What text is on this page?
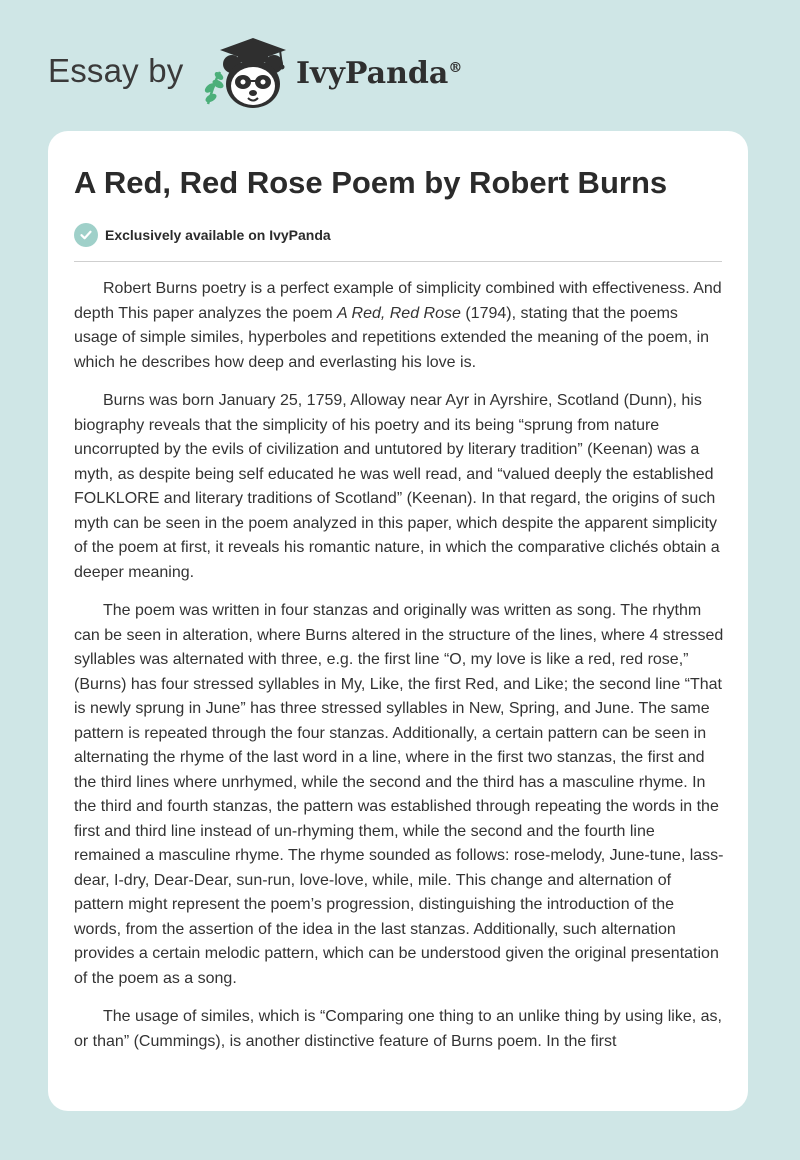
Essay by	IvyPanda®
A Red, Red Rose Poem by Robert Burns
Exclusively available on IvyPanda

Robert Burns poetry is a perfect example of simplicity combined with effectiveness. And depth This paper analyzes the poem A Red, Red Rose (1794), stating that the poems usage of simple similes, hyperboles and repetitions extended the meaning of the poem, in which he describes how deep and everlasting his love is.

Burns was born January 25, 1759, Alloway near Ayr in Ayrshire, Scotland (Dunn), his biography reveals that the simplicity of his poetry and its being “sprung from nature uncorrupted by the evils of civilization and untutored by literary tradition” (Keenan) was a myth, as despite being self educated he was well read, and “valued deeply the established FOLKLORE and literary traditions of Scotland” (Keenan). In that regard, the origins of such myth can be seen in the poem analyzed in this paper, which despite the apparent simplicity of the poem at first, it reveals his romantic nature, in which the comparative clichés obtain a deeper meaning.

The poem was written in four stanzas and originally was written as song. The rhythm can be seen in alteration, where Burns altered in the structure of the lines, where 4 stressed syllables was alternated with three, e.g. the first line “O, my love is like a red, red rose,” (Burns) has four stressed syllables in My, Like, the first Red, and Like; the second line “That is newly sprung in June” has three stressed syllables in New, Spring, and June. The same pattern is repeated through the four stanzas. Additionally, a certain pattern can be seen in alternating the rhyme of the last word in a line, where in the first two stanzas, the first and the third lines where unrhymed, while the second and the third has a masculine rhyme. In the third and fourth stanzas, the pattern was established through repeating the words in the first and third line instead of un-rhyming them, while the second and the fourth line remained a masculine rhyme. The rhyme sounded as follows: rose-melody, June-tune, lass-dear, I-dry, Dear-Dear, sun-run, love-love, while, mile. This change and alternation of pattern might represent the poem’s progression, distinguishing the introduction of the words, from the assertion of the idea in the last stanzas. Additionally, such alternation provides a certain melodic pattern, which can be understood given the original presentation of the poem as a song.

The usage of similes, which is “Comparing one thing to an unlike thing by using like, as, or than” (Cummings), is another distinctive feature of Burns poem. In the first
